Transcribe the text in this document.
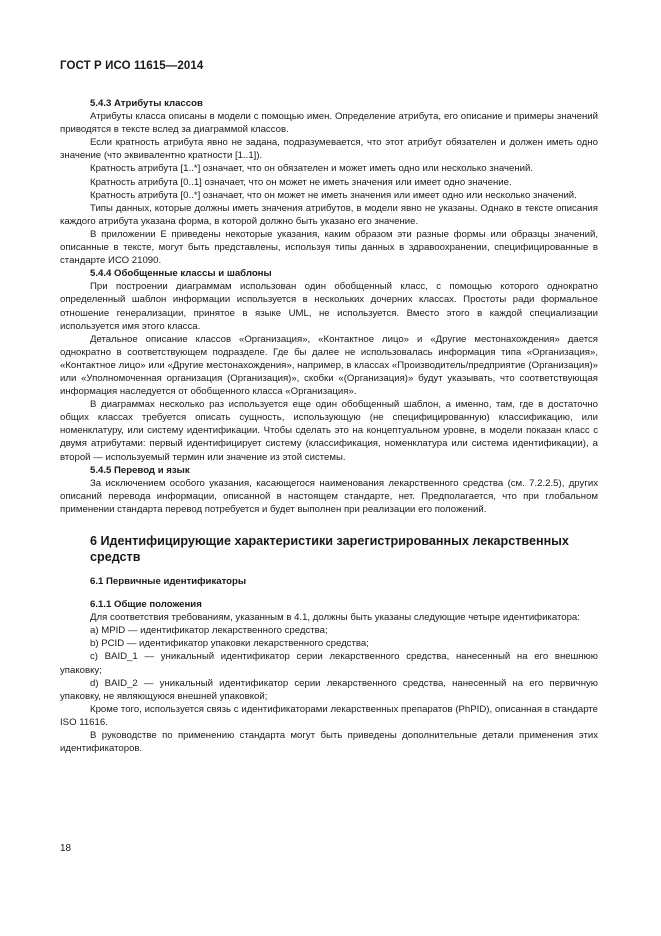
ГОСТ Р ИСО 11615—2014
5.4.3 Атрибуты классов

Атрибуты класса описаны в модели с помощью имен. Определение атрибута, его описание и примеры значений приводятся в тексте вслед за диаграммой классов.

Если кратность атрибута явно не задана, подразумевается, что этот атрибут обязателен и должен иметь одно значение (что эквивалентно кратности [1..1]).

Кратность атрибута [1..*] означает, что он обязателен и может иметь одно или несколько значений.

Кратность атрибута [0..1] означает, что он может не иметь значения или имеет одно значение.

Кратность атрибута [0..*] означает, что он может не иметь значения или имеет одно или несколько значений.

Типы данных, которые должны иметь значения атрибутов, в модели явно не указаны. Однако в тексте описания каждого атрибута указана форма, в которой должно быть указано его значение.

В приложении Е приведены некоторые указания, каким образом эти разные формы или образцы значений, описанные в тексте, могут быть представлены, используя типы данных в здравоохранении, специфицированные в стандарте ИСО 21090.

5.4.4 Обобщенные классы и шаблоны

При построении диаграммам использован один обобщенный класс, с помощью которого однократно определенный шаблон информации используется в нескольких дочерних классах. Простоты ради формальное отношение генерализации, принятое в языке UML, не используется. Вместо этого в каждой специализации используется имя этого класса.

Детальное описание классов «Организация», «Контактное лицо» и «Другие местонахождения» дается однократно в соответствующем подразделе. Где бы далее не использовалась информация типа «Организация», «Контактное лицо» или «Другие местонахождения», например, в классах «Производитель/предприятие (Организация)» или «Уполномоченная организация (Организация)», скобки «(Организация)» будут указывать, что соответствующая информация наследуется от обобщенного класса «Организация».

В диаграммах несколько раз используется еще один обобщенный шаблон, а именно, там, где в достаточно общих классах требуется описать сущность, использующую (не специфицированную) классификацию, или номенклатуру, или систему идентификации. Чтобы сделать это на концептуальном уровне, в модели показан класс с двумя атрибутами: первый идентифицирует систему (классификация, номенклатура или система идентификации), а второй — используемый термин или значение из этой системы.

5.4.5 Перевод и язык

За исключением особого указания, касающегося наименования лекарственного средства (см. 7.2.2.5), других описаний перевода информации, описанной в настоящем стандарте, нет. Предполагается, что при глобальном применении стандарта перевод потребуется и будет выполнен при реализации его положений.

6 Идентифицирующие характеристики зарегистрированных лекарственных средств
6.1 Первичные идентификаторы
6.1.1 Общие положения

Для соответствия требованиям, указанным в 4.1, должны быть указаны следующие четыре идентификатора:

a) MPID — идентификатор лекарственного средства;

b) PCID — идентификатор упаковки лекарственного средства;

c) BAID_1 — уникальный идентификатор серии лекарственного средства, нанесенный на его внешнюю упаковку;

d) BAID_2 — уникальный идентификатор серии лекарственного средства, нанесенный на его первичную упаковку, не являющуюся внешней упаковкой;

Кроме того, используется связь с идентификаторами лекарственных препаратов (PhPID), описанная в стандарте ISO 11616.

В руководстве по применению стандарта могут быть приведены дополнительные детали применения этих идентификаторов.

18
